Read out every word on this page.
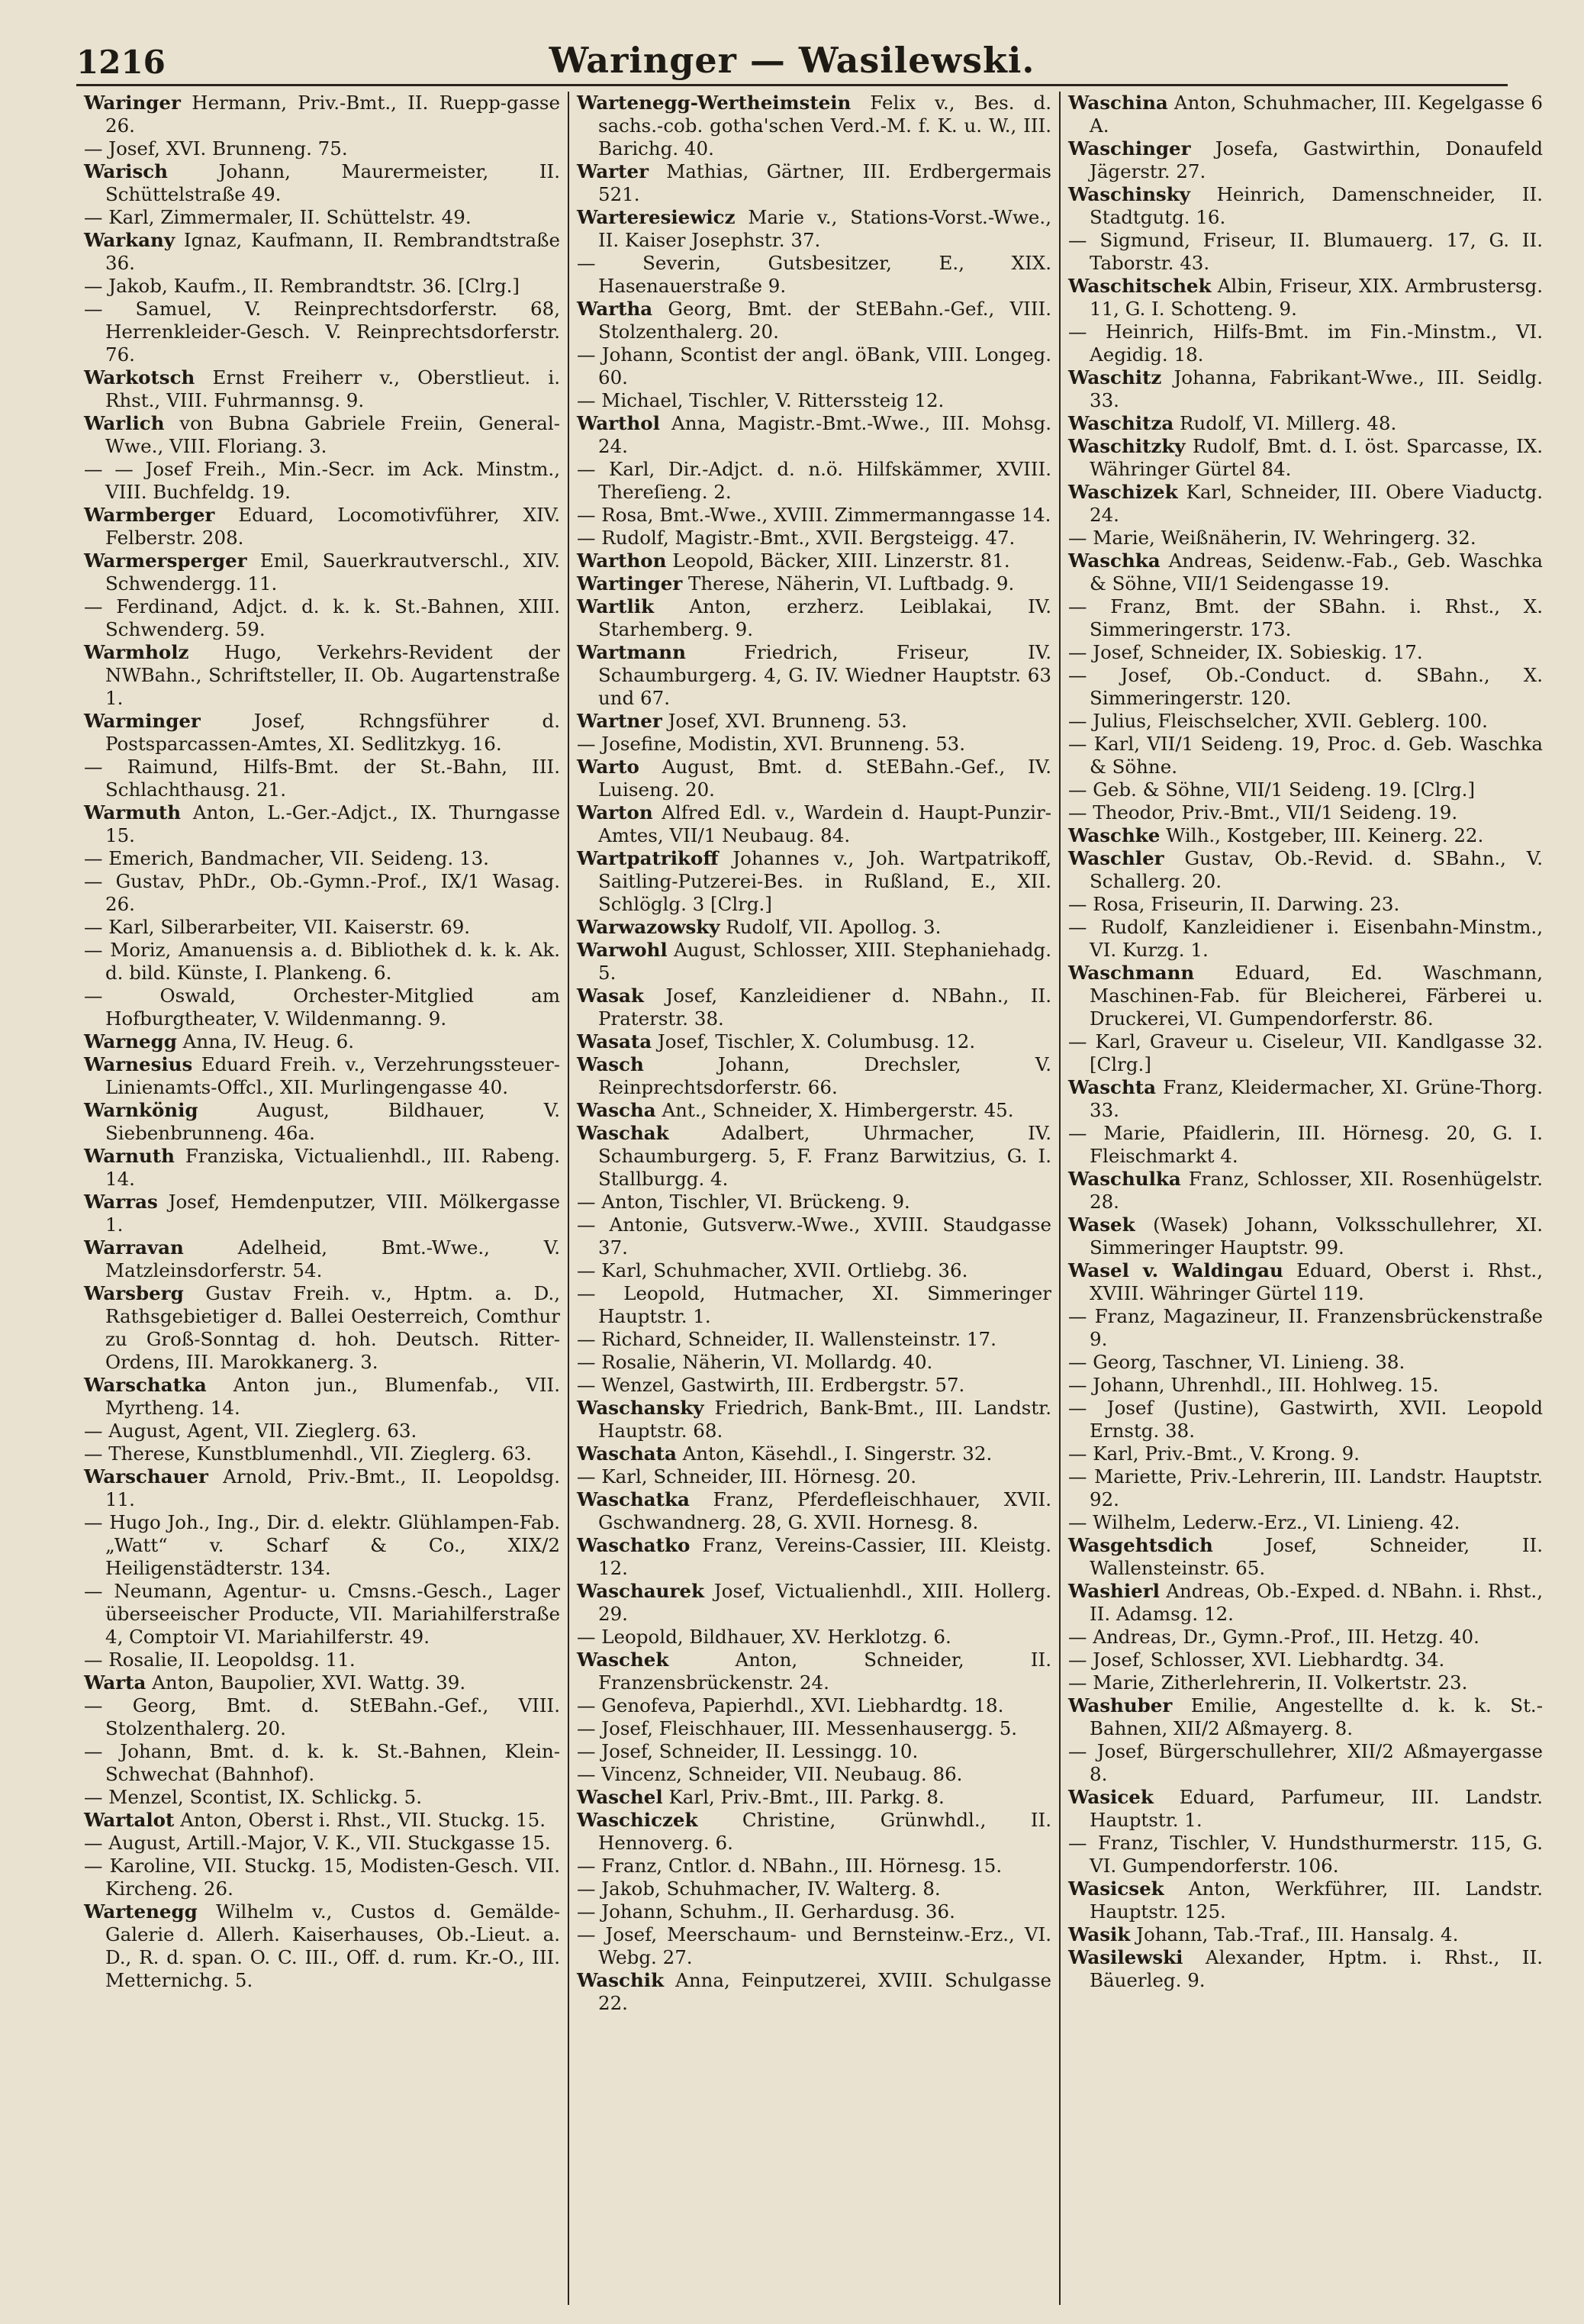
1216	Waringer — Wasilewski.

Waringer Hermann, Priv.-Bmt., II. Ruepp-gasse 26.

— Josef, XVI. Brunneng. 75.

Warisch	Johann, Maurermeister, II. Schüttelstraße 49.

— Karl, Zimmermaler, II. Schüttelstr. 49.

Warkany Ignaz, Kaufmann, II. Rembrandtstraße 36.

— Jakob, Kaufm., II. Rembrandtstr. 36. [Clrg.]

— Samuel, V. Reinprechtsdorferstr. 68, Herrenkleider-Gesch. V. Reinprechtsdorferstr. 76.

Warkotsch Ernst Freiherr v., Oberstlieut. i. Rhst., VIII. Fuhrmannsg. 9.

Warlich von Bubna Gabriele Freiin, General-Wwe., VIII. Floriang. 3.

— — Josef Freih., Min.-Secr. im Ack. Minstm., VIII. Buchfeldg. 19.

Warmberger Eduard, Locomotivführer, XIV. Felberstr. 208.

Warmersperger Emil, Sauerkrautverschl., XIV. Schwendergg. 11.

— Ferdinand, Adjct. d. k. k. St.-Bahnen, XIII. Schwenderg. 59.

Warmholz Hugo, Verkehrs-Revident der NWBahn., Schriftsteller, II. Ob. Augartenstraße 1.

Warminger	Josef, Rchngsführer d. Postsparcassen-Amtes, XI. Sedlitzkyg. 16.

— Raimund, Hilfs-Bmt. der St.-Bahn, III. Schlachthausg. 21.

Warmuth Anton, L.-Ger.-Adjct., IX. Thurngasse 15.

— Emerich, Bandmacher, VII. Seideng. 13.

— Gustav, PhDr., Ob.-Gymn.-Prof., IX/1 Wasag. 26.

— Karl, Silberarbeiter, VII. Kaiserstr. 69.

— Moriz, Amanuensis a. d. Bibliothek d. k. k. Ak. d. bild. Künste, I. Plankeng. 6.

— Oswald, Orchester-Mitglied am Hofburgtheater, V. Wildenmanng. 9.

Warnegg Anna, IV. Heug. 6.

Warnesius Eduard Freih. v., Verzehrungssteuer-Linienamts-Offcl., XII. Murlingengasse 40.

Warnkönig	August, Bildhauer, V. Siebenbrunneng. 46a.

Warnuth Franziska, Victualienhdl., III. Rabeng. 14.

Warras Josef, Hemdenputzer, VIII. Mölkergasse 1.

Warravan	Adelheid, Bmt.-Wwe., V. Matzleinsdorferstr. 54.

Warsberg Gustav Freih. v., Hptm. a. D., Rathsgebietiger d. Ballei Oesterreich, Comthur zu Groß-Sonntag d. hoh. Deutsch. Ritter-Ordens, III. Marokkanerg. 3.

Warschatka Anton jun., Blumenfab., VII. Myrtheng. 14.

— August, Agent, VII. Zieglerg. 63.

— Therese, Kunstblumenhdl., VII. Zieglerg. 63.

Warschauer Arnold, Priv.-Bmt., II. Leopoldsg. 11.

— Hugo Joh., Ing., Dir. d. elektr. Glühlampen-Fab. „Watt“ v. Scharf & Co., XIX/2 Heiligenstädterstr. 134.

— Neumann, Agentur- u. Cmsns.-Gesch., Lager überseeischer Producte, VII. Mariahilferstraße 4, Comptoir VI. Mariahilferstr. 49.

— Rosalie, II. Leopoldsg. 11.

Warta Anton, Baupolier, XVI. Wattg. 39.

— Georg, Bmt. d. StEBahn.-Gef., VIII. Stolzenthalerg. 20.

— Johann, Bmt. d. k. k. St.-Bahnen, Klein-Schwechat (Bahnhof).

— Menzel, Scontist, IX. Schlickg. 5.

Wartalot Anton, Oberst i. Rhst., VII. Stuckg. 15.

— August, Artill.-Major, V. K., VII. Stuckgasse 15.

— Karoline, VII. Stuckg. 15, Modisten-Gesch. VII. Kircheng. 26.

Wartenegg Wilhelm v., Custos d. Gemälde-Galerie d. Allerh. Kaiserhauses, Ob.-Lieut. a. D., R. d. span. O. C. III., Off. d. rum. Kr.-O., III. Metternichg. 5.

Wartenegg-Wertheimstein Felix v., Bes. d. sachs.-cob. gotha'schen Verd.-M. f. K. u. W., III. Barichg. 40.

Warter Mathias, Gärtner, III. Erdbergermais 521.

Warteresiewicz Marie v., Stations-Vorst.-Wwe., II. Kaiser Josephstr. 37.

— Severin, Gutsbesitzer, E., XIX. Hasenauerstraße 9.

Wartha Georg, Bmt. der StEBahn.-Gef., VIII. Stolzenthalerg. 20.

— Johann, Scontist der angl. öBank, VIII. Longeg. 60.

— Michael, Tischler, V. Ritterssteig 12.

Warthol Anna, Magistr.-Bmt.-Wwe., III. Mohsg. 24.

— Karl, Dir.-Adjct. d. n.ö. Hilfskämmer, XVIII. Thereſieng. 2.

— Rosa, Bmt.-Wwe., XVIII. Zimmermanngasse 14.

— Rudolf, Magistr.-Bmt., XVII. Bergsteigg. 47.

Warthon Leopold, Bäcker, XIII. Linzerstr. 81.

Wartinger Therese, Näherin, VI. Luftbadg. 9.

Wartlik Anton, erzherz. Leiblakai, IV. Starhemberg. 9.

Wartmann	Friedrich, Friseur, IV. Schaumburgerg. 4, G. IV. Wiedner Hauptstr. 63 und 67.

Wartner Josef, XVI. Brunneng. 53.

— Josefine, Modistin, XVI. Brunneng. 53.

Warto August, Bmt. d. StEBahn.-Gef., IV. Luiseng. 20.

Warton Alfred Edl. v., Wardein d. Haupt-Punzir-Amtes, VII/1 Neubaug. 84.

Wartpatrikoff Johannes v., Joh. Wartpatrikoff, Saitling-Putzerei-Bes. in Rußland, E., XII. Schlöglg. 3 [Clrg.]

Warwazowsky Rudolf, VII. Apollog. 3.

Warwohl August, Schlosser, XIII. Stephaniehadg. 5.

Wasak Josef, Kanzleidiener d. NBahn., II. Praterstr. 38.

Wasata Josef, Tischler, X. Columbusg. 12.

Wasch	Johann, Drechsler, V. Reinprechtsdorferstr. 66.

Wascha Ant., Schneider, X. Himbergerstr. 45.

Waschak	Adalbert, Uhrmacher, IV. Schaumburgerg. 5, F. Franz Barwitzius, G. I. Stallburgg. 4.

— Anton, Tischler, VI. Brückeng. 9.

— Antonie, Gutsverw.-Wwe., XVIII. Staudgasse 37.

— Karl, Schuhmacher, XVII. Ortliebg. 36.

— Leopold, Hutmacher, XI. Simmeringer Hauptstr. 1.

— Richard, Schneider, II. Wallensteinstr. 17.

— Rosalie, Näherin, VI. Mollardg. 40.

— Wenzel, Gastwirth, III. Erdbergstr. 57.

Waschansky Friedrich, Bank-Bmt., III. Landstr. Hauptstr. 68.

Waschata Anton, Käsehdl., I. Singerstr. 32.

— Karl, Schneider, III. Hörnesg. 20.

Waschatka Franz, Pferdefleischhauer, XVII. Gschwandnerg. 28, G. XVII. Hornesg. 8.

Waschatko Franz, Vereins-Cassier, III. Kleistg. 12.

Waschaurek Josef, Victualienhdl., XIII. Hollerg. 29.

— Leopold, Bildhauer, XV. Herklotzg. 6.

Waschek	Anton, Schneider, II. Franzensbrückenstr. 24.

— Genofeva, Papierhdl., XVI. Liebhardtg. 18.

— Josef, Fleischhauer, III. Messenhausergg. 5.

— Josef, Schneider, II. Lessingg. 10.

— Vincenz, Schneider, VII. Neubaug. 86.

Waschel Karl, Priv.-Bmt., III. Parkg. 8.

Waschiczek Christine, Grünwhdl., II. Hennoverg. 6.

— Franz, Cntlor. d. NBahn., III. Hörnesg. 15.

— Jakob, Schuhmacher, IV. Walterg. 8.

— Johann, Schuhm., II. Gerhardusg. 36.

— Josef, Meerschaum- und Bernsteinw.-Erz., VI. Webg. 27.

Waschik Anna, Feinputzerei, XVIII. Schulgasse 22.

Waschina Anton, Schuhmacher, III. Kegelgasse 6 A.

Waschinger Josefa, Gastwirthin, Donaufeld Jägerstr. 27.

Waschinsky Heinrich, Damenschneider, II. Stadtgutg. 16.

— Sigmund, Friseur, II. Blumauerg. 17, G. II. Taborstr. 43.

Waschitschek Albin, Friseur, XIX. Armbrustersg. 11, G. I. Schotteng. 9.

— Heinrich, Hilfs-Bmt. im Fin.-Minstm., VI. Aegidig. 18.

Waschitz Johanna, Fabrikant-Wwe., III. Seidlg. 33.

Waschitza Rudolf, VI. Millerg. 48.

Waschitzky Rudolf, Bmt. d. I. öst. Sparcasse, IX. Währinger Gürtel 84.

Waschizek Karl, Schneider, III. Obere Viaductg. 24.

— Marie, Weißnäherin, IV. Wehringerg. 32.

Waschka Andreas, Seidenw.-Fab., Geb. Waschka & Söhne, VII/1 Seidengasse 19.

— Franz, Bmt. der SBahn. i. Rhst., X. Simmeringerstr. 173.

— Josef, Schneider, IX. Sobieskig. 17.

— Josef, Ob.-Conduct. d. SBahn., X. Simmeringerstr. 120.

— Julius, Fleischselcher, XVII. Geblerg. 100.

— Karl, VII/1 Seideng. 19, Proc. d. Geb. Waschka & Söhne.

— Geb. & Söhne, VII/1 Seideng. 19. [Clrg.]

— Theodor, Priv.-Bmt., VII/1 Seideng. 19.

Waschke Wilh., Kostgeber, III. Keinerg. 22.

Waschler Gustav, Ob.-Revid. d. SBahn., V. Schallerg. 20.

— Rosa, Friseurin, II. Darwing. 23.

— Rudolf, Kanzleidiener i. Eisenbahn-Minstm., VI. Kurzg. 1.

Waschmann Eduard, Ed. Waschmann, Maschinen-Fab. für Bleicherei, Färberei u. Druckerei, VI. Gumpendorferstr. 86.

— Karl, Graveur u. Ciseleur, VII. Kandlgasse 32. [Clrg.]

Waschta Franz, Kleidermacher, XI. Grüne-Thorg. 33.

— Marie, Pfaidlerin, III. Hörnesg. 20, G. I. Fleischmarkt 4.

Waschulka Franz, Schlosser, XII. Rosenhügelstr. 28.

Wasek (Wasek) Johann, Volksschullehrer, XI. Simmeringer Hauptstr. 99.

Wasel v. Waldingau Eduard, Oberst i. Rhst., XVIII. Währinger Gürtel 119.

— Franz, Magazineur, II. Franzensbrückenstraße 9.

— Georg, Taschner, VI. Linieng. 38.

— Johann, Uhrenhdl., III. Hohlweg. 15.

— Josef (Justine), Gastwirth, XVII. Leopold Ernstg. 38.

— Karl, Priv.-Bmt., V. Krong. 9.

— Mariette, Priv.-Lehrerin, III. Landstr. Hauptstr. 92.

— Wilhelm, Lederw.-Erz., VI. Linieng. 42.

Wasgehtsdich	Josef, Schneider, II. Wallensteinstr. 65.

Washierl Andreas, Ob.-Exped. d. NBahn. i. Rhst., II. Adamsg. 12.

— Andreas, Dr., Gymn.-Prof., III. Hetzg. 40.

— Josef, Schlosser, XVI. Liebhardtg. 34.

— Marie, Zitherlehrerin, II. Volkertstr. 23.

Washuber Emilie, Angestellte d. k. k. St.-Bahnen, XII/2 Aßmayerg. 8.

— Josef, Bürgerschullehrer, XII/2 Aßmayergasse 8.

Wasicek Eduard, Parfumeur, III. Landstr. Hauptstr. 1.

— Franz, Tischler, V. Hundsthurmerstr. 115, G. VI. Gumpendorferstr. 106.

Wasicsek Anton, Werkführer, III. Landstr. Hauptstr. 125.

Wasik Johann, Tab.-Traf., III. Hansalg. 4.

Wasilewski Alexander, Hptm. i. Rhst., II. Bäuerleg. 9.
